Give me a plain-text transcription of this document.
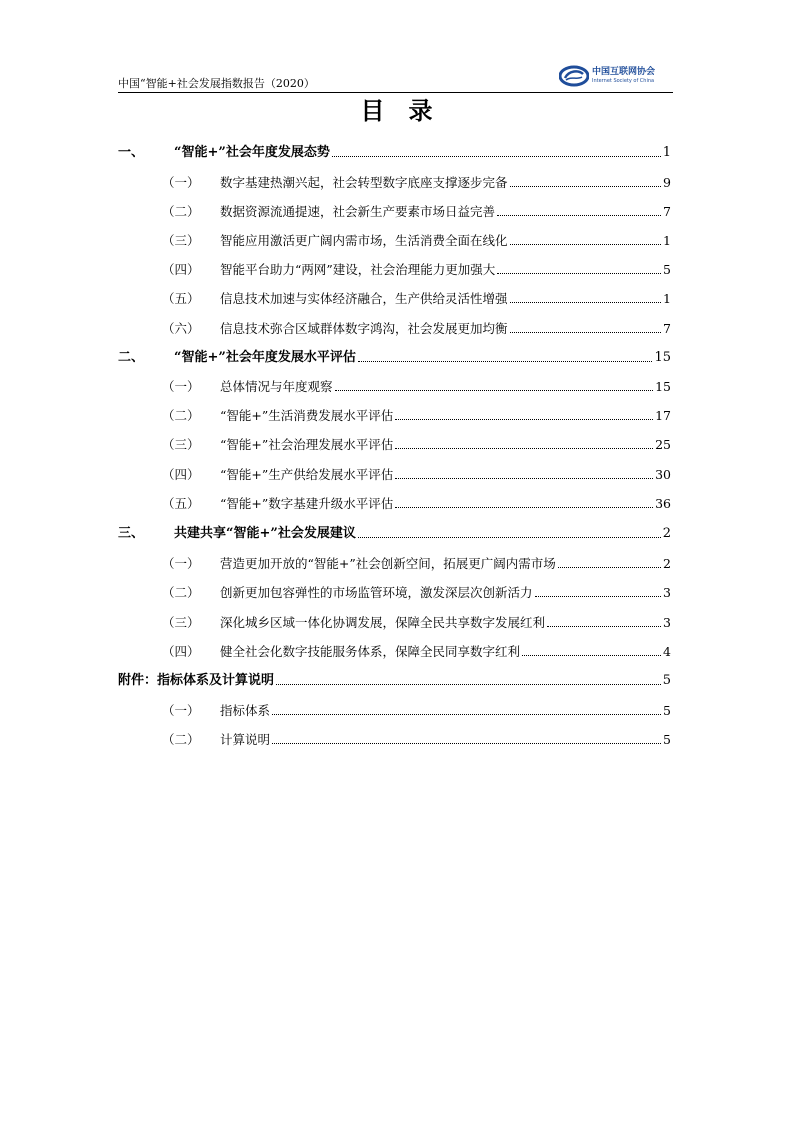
中国“智能+社会发展指数报告（2020）
中国互联网协会
Internet Society of China
目录
一、	“智能+”社会年度发展态势	1
（一）	数字基建热潮兴起，社会转型数字底座支撑逐步完备	9
（二）	数据资源流通提速，社会新生产要素市场日益完善	7
（三）	智能应用激活更广阔内需市场，生活消费全面在线化	1
（四）	智能平台助力“两网”建设，社会治理能力更加强大	5
（五）	信息技术加速与实体经济融合，生产供给灵活性增强	1
（六）	信息技术弥合区域群体数字鸿沟，社会发展更加均衡	7
二、	“智能+”社会年度发展水平评估	15
（一）	总体情况与年度观察	15
（二）	“智能+”生活消费发展水平评估	17
（三）	“智能+”社会治理发展水平评估	25
（四）	“智能+”生产供给发展水平评估	30
（五）	“智能+”数字基建升级水平评估	36
三、	共建共享“智能+”社会发展建议	2
（一）	营造更加开放的“智能+”社会创新空间，拓展更广阔内需市场	2
（二）	创新更加包容弹性的市场监管环境，激发深层次创新活力	3
（三）	深化城乡区域一体化协调发展，保障全民共享数字发展红利	3
（四）	健全社会化数字技能服务体系，保障全民同享数字红利	4
附件：指标体系及计算说明	5
（一）	指标体系	5
（二）	计算说明	5
